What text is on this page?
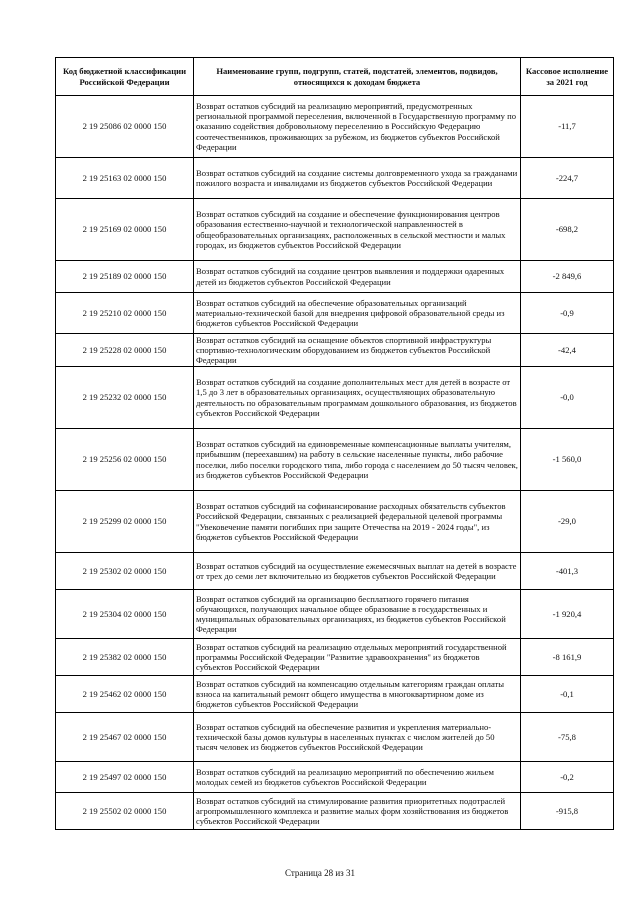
Код бюджетной классификации Российской Федерации	Наименование групп, подгрупп, статей, подстатей, элементов, подвидов, относящихся к доходам бюджета	Кассовое исполнение за 2021 год
2 19 25086 02 0000 150	Возврат остатков субсидий на реализацию мероприятий, предусмотренных региональной программой переселения, включенной в Государственную программу по оказанию содействия добровольному переселению в Российскую Федерацию соотечественников, проживающих за рубежом, из бюджетов субъектов Российской Федерации	-11,7
2 19 25163 02 0000 150	Возврат остатков субсидий на создание системы долговременного ухода за гражданами пожилого возраста и инвалидами из бюджетов субъектов Российской Федерации	-224,7
2 19 25169 02 0000 150	Возврат остатков субсидий на создание и обеспечение функционирования центров образования естественно-научной и технологической направленностей в общеобразовательных организациях, расположенных в сельской местности и малых городах, из бюджетов субъектов Российской Федерации	-698,2
2 19 25189 02 0000 150	Возврат остатков субсидий на создание центров выявления и поддержки одаренных детей из бюджетов субъектов Российской Федерации	-2 849,6
2 19 25210 02 0000 150	Возврат остатков субсидий на обеспечение образовательных организаций материально-технической базой для внедрения цифровой образовательной среды из бюджетов субъектов Российской Федерации	-0,9
2 19 25228 02 0000 150	Возврат остатков субсидий на оснащение объектов спортивной инфраструктуры спортивно-технологическим оборудованием из бюджетов субъектов Российской Федерации	-42,4
2 19 25232 02 0000 150	Возврат остатков субсидий на создание дополнительных мест для детей в возрасте от 1,5 до 3 лет в образовательных организациях, осуществляющих образовательную деятельность по образовательным программам дошкольного образования, из бюджетов субъектов Российской Федерации	-0,0
2 19 25256 02 0000 150	Возврат остатков субсидий на единовременные компенсационные выплаты учителям, прибывшим (переехавшим) на работу в сельские населенные пункты, либо рабочие поселки, либо поселки городского типа, либо города с населением до 50 тысяч человек, из бюджетов субъектов Российской Федерации	-1 560,0
2 19 25299 02 0000 150	Возврат остатков субсидий на софинансирование расходных обязательств субъектов Российской Федерации, связанных с реализацией федеральной целевой программы "Увековечение памяти погибших при защите Отечества на 2019 - 2024 годы", из бюджетов субъектов Российской Федерации	-29,0
2 19 25302 02 0000 150	Возврат остатков субсидий на осуществление ежемесячных выплат на детей в возрасте от трех до семи лет включительно из бюджетов субъектов Российской Федерации	-401,3
2 19 25304 02 0000 150	Возврат остатков субсидий на организацию бесплатного горячего питания обучающихся, получающих начальное общее образование в государственных и муниципальных образовательных организациях, из бюджетов субъектов Российской Федерации	-1 920,4
2 19 25382 02 0000 150	Возврат остатков субсидий на реализацию отдельных мероприятий государственной программы Российской Федерации "Развитие здравоохранения" из бюджетов субъектов Российской Федерации	-8 161,9
2 19 25462 02 0000 150	Возврат остатков субсидий на компенсацию отдельным категориям граждан оплаты взноса на капитальный ремонт общего имущества в многоквартирном доме из бюджетов субъектов Российской Федерации	-0,1
2 19 25467 02 0000 150	Возврат остатков субсидий на обеспечение развития и укрепления материально-технической базы домов культуры в населенных пунктах с числом жителей до 50 тысяч человек из бюджетов субъектов Российской Федерации	-75,8
2 19 25497 02 0000 150	Возврат остатков субсидий на реализацию мероприятий по обеспечению жильем молодых семей из бюджетов субъектов Российской Федерации	-0,2
2 19 25502 02 0000 150	Возврат остатков субсидий на стимулирование развития приоритетных подотраслей агропромышленного комплекса и развитие малых форм хозяйствования из бюджетов субъектов Российской Федерации	-915,8
Страница 28 из 31
